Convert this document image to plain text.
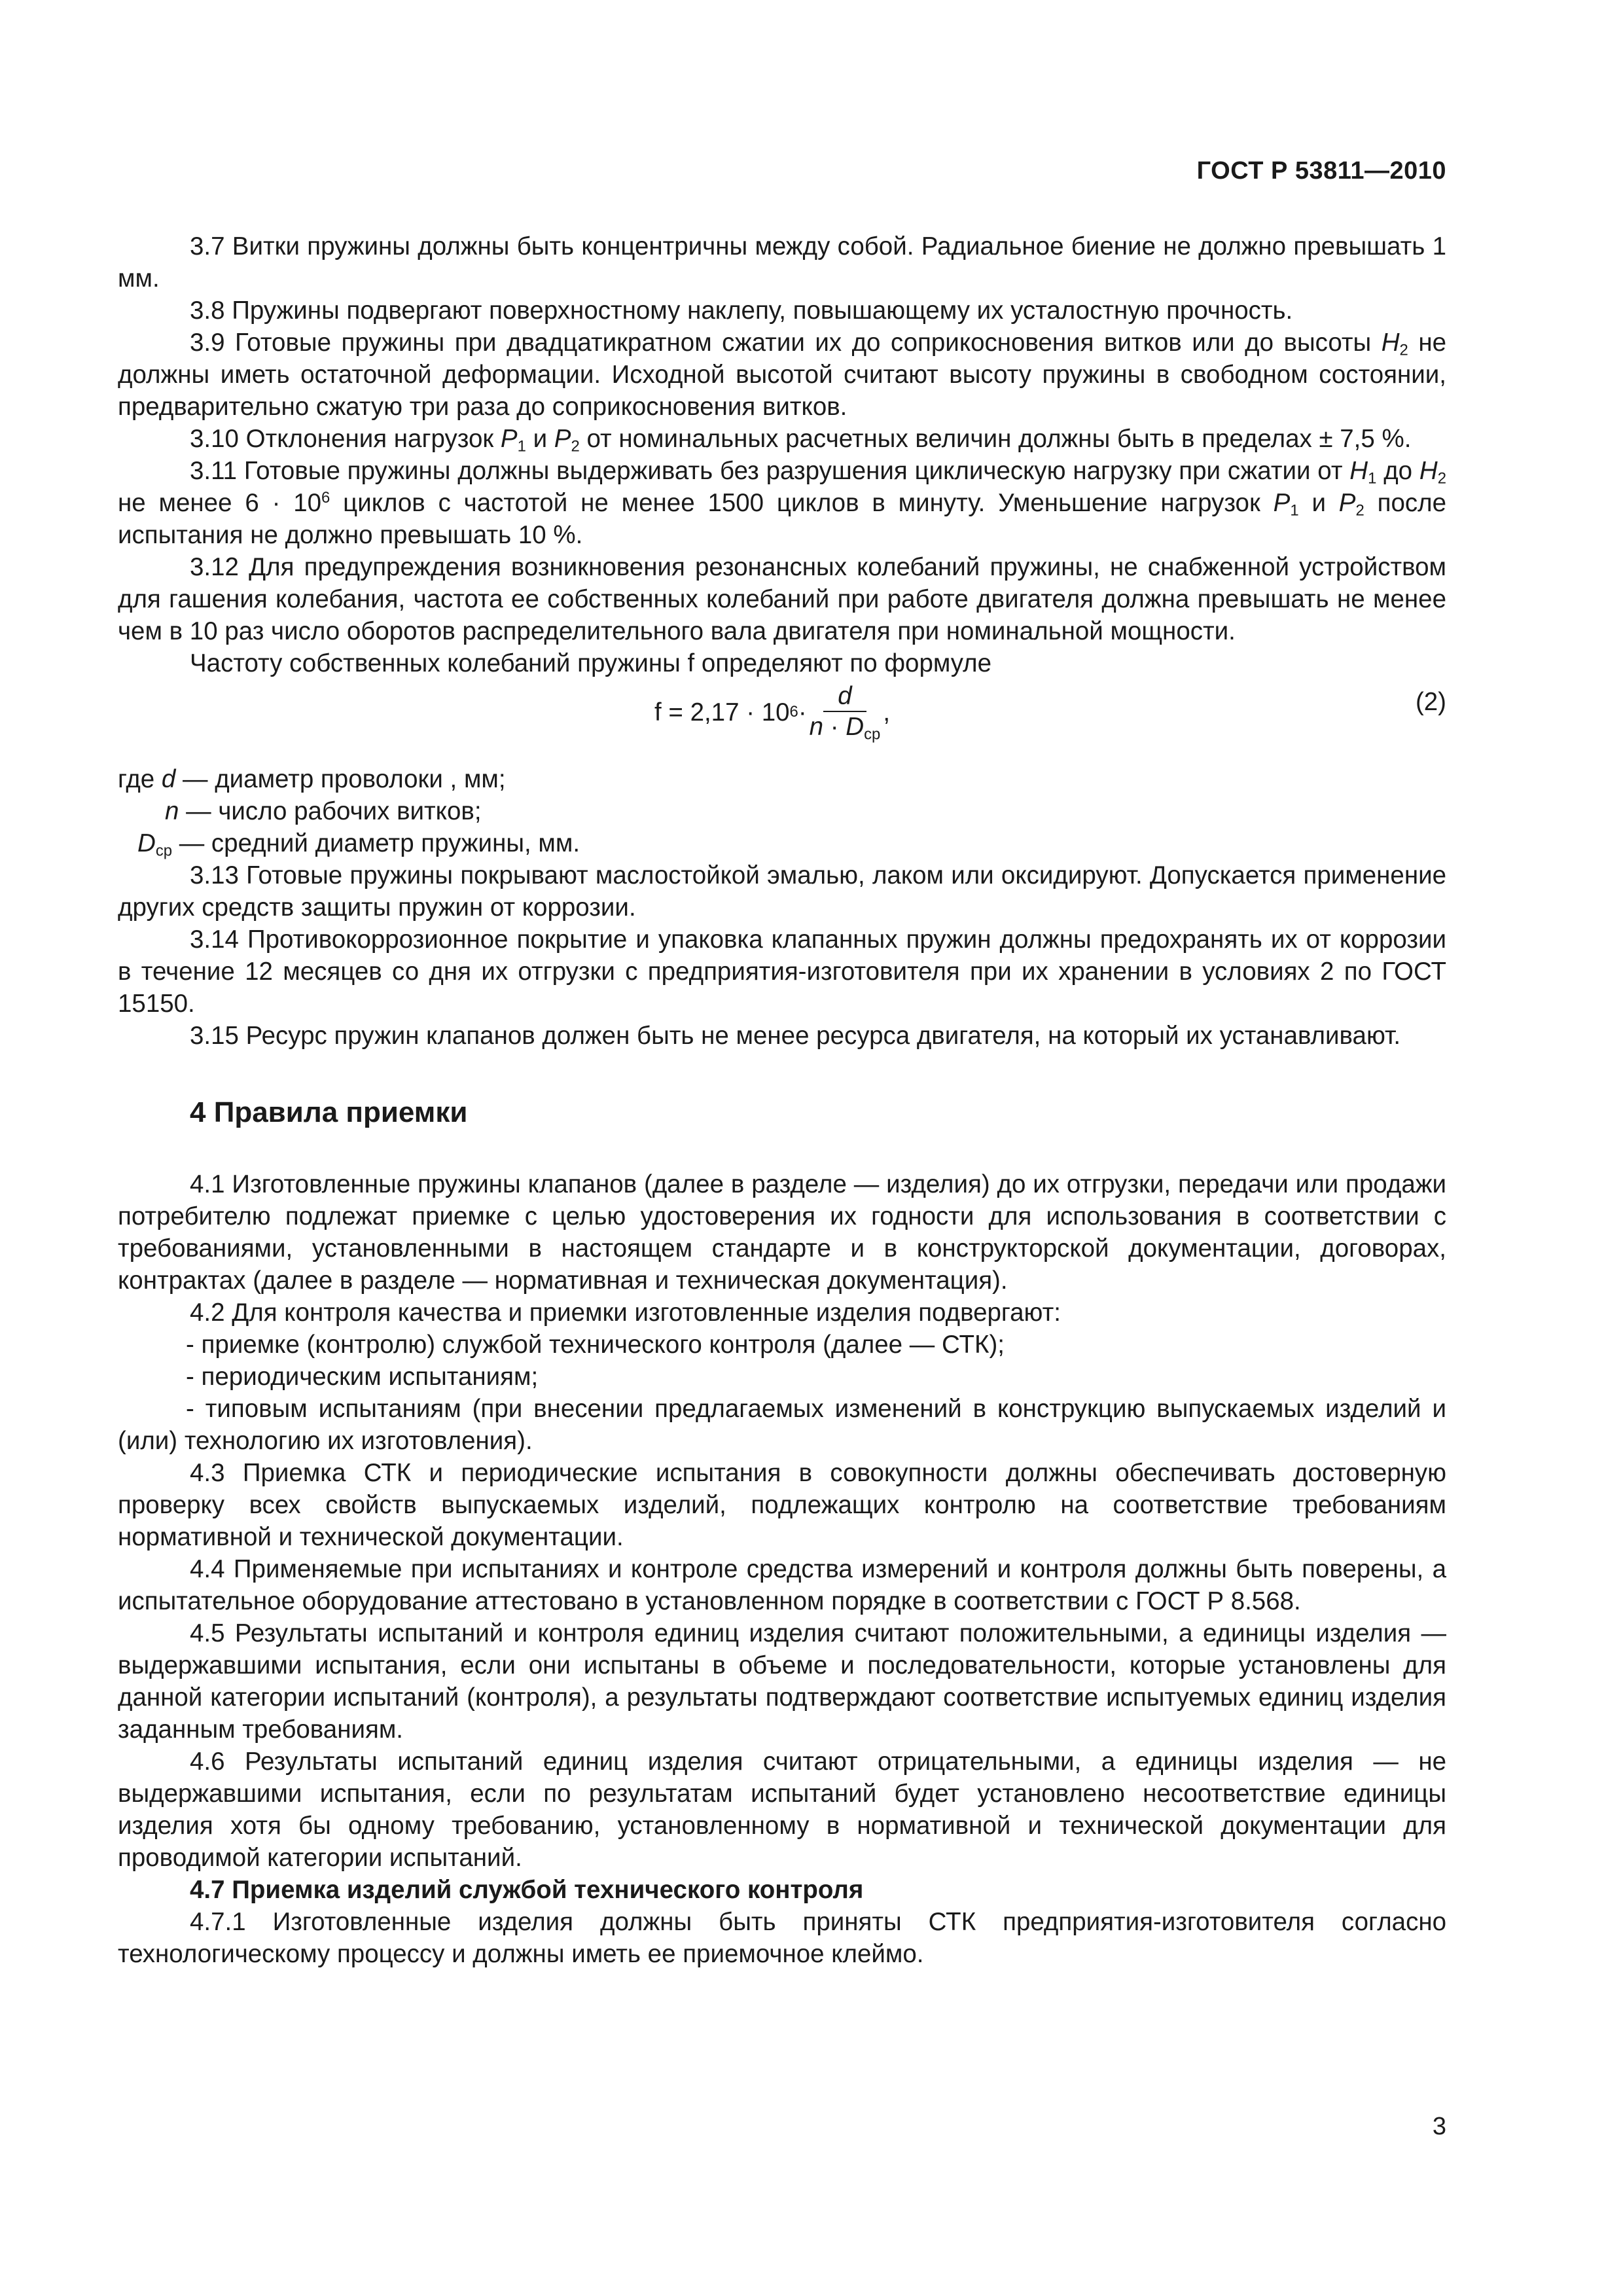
ГОСТ Р 53811—2010

3.7 Витки пружины должны быть концентричны между собой. Радиальное биение не должно превышать 1 мм.

3.8 Пружины подвергают поверхностному наклепу, повышающему их усталостную прочность.

3.9 Готовые пружины при двадцатикратном сжатии их до соприкосновения витков или до высоты $H_2$ не должны иметь остаточной деформации. Исходной высотой считают высоту пружины в свободном состоянии, предварительно сжатую три раза до соприкосновения витков.

3.10 Отклонения нагрузок $P_1$ и $P_2$ от номинальных расчетных величин должны быть в пределах ± 7,5 %.

3.11 Готовые пружины должны выдерживать без разрушения циклическую нагрузку при сжатии от $H_1$ до $H_2$ не менее $6 \cdot 10^6$ циклов с частотой не менее 1500 циклов в минуту. Уменьшение нагрузок $P_1$ и $P_2$ после испытания не должно превышать 10 %.

3.12 Для предупреждения возникновения резонансных колебаний пружины, не снабженной устройством для гашения колебания, частота ее собственных колебаний при работе двигателя должна превышать не менее чем в 10 раз число оборотов распределительного вала двигателя при номинальной мощности.

Частоту собственных колебаний пружины f определяют по формуле

f = 2,17 · 10 $6 \cdot \frac{d}{n \cdot D_{ср}}$ ,	(2)
где d — диаметр проволоки , мм;
n — число рабочих витков;
$D_{ср}$ — средний диаметр пружины, мм.

3.13 Готовые пружины покрывают маслостойкой эмалью, лаком или оксидируют. Допускается применение других средств защиты пружин от коррозии.

3.14 Противокоррозионное покрытие и упаковка клапанных пружин должны предохранять их от коррозии в течение 12 месяцев со дня их отгрузки с предприятия-изготовителя при их хранении в условиях 2 по ГОСТ 15150.

3.15 Ресурс пружин клапанов должен быть не менее ресурса двигателя, на который их устанавливают.

4 Правила приемки

4.1 Изготовленные пружины клапанов (далее в разделе — изделия) до их отгрузки, передачи или продажи потребителю подлежат приемке с целью удостоверения их годности для использования в соответствии с требованиями, установленными в настоящем стандарте и в конструкторской документации, договорах, контрактах (далее в разделе — нормативная и техническая документация).

4.2 Для контроля качества и приемки изготовленные изделия подвергают:

- приемке (контролю) службой технического контроля (далее — СТК);

- периодическим испытаниям;

- типовым испытаниям (при внесении предлагаемых изменений в конструкцию выпускаемых изделий и (или) технологию их изготовления).

4.3 Приемка СТК и периодические испытания в совокупности должны обеспечивать достоверную проверку всех свойств выпускаемых изделий, подлежащих контролю на соответствие требованиям нормативной и технической документации.

4.4 Применяемые при испытаниях и контроле средства измерений и контроля должны быть поверены, а испытательное оборудование аттестовано в установленном порядке в соответствии с ГОСТ Р 8.568.

4.5 Результаты испытаний и контроля единиц изделия считают положительными, а единицы изделия — выдержавшими испытания, если они испытаны в объеме и последовательности, которые установлены для данной категории испытаний (контроля), а результаты подтверждают соответствие испытуемых единиц изделия заданным требованиям.

4.6 Результаты испытаний единиц изделия считают отрицательными, а единицы изделия — не выдержавшими испытания, если по результатам испытаний будет установлено несоответствие единицы изделия хотя бы одному требованию, установленному в нормативной и технической документации для проводимой категории испытаний.

4.7 Приемка изделий службой технического контроля

4.7.1 Изготовленные изделия должны быть приняты СТК предприятия-изготовителя согласно технологическому процессу и должны иметь ее приемочное клеймо.

3
